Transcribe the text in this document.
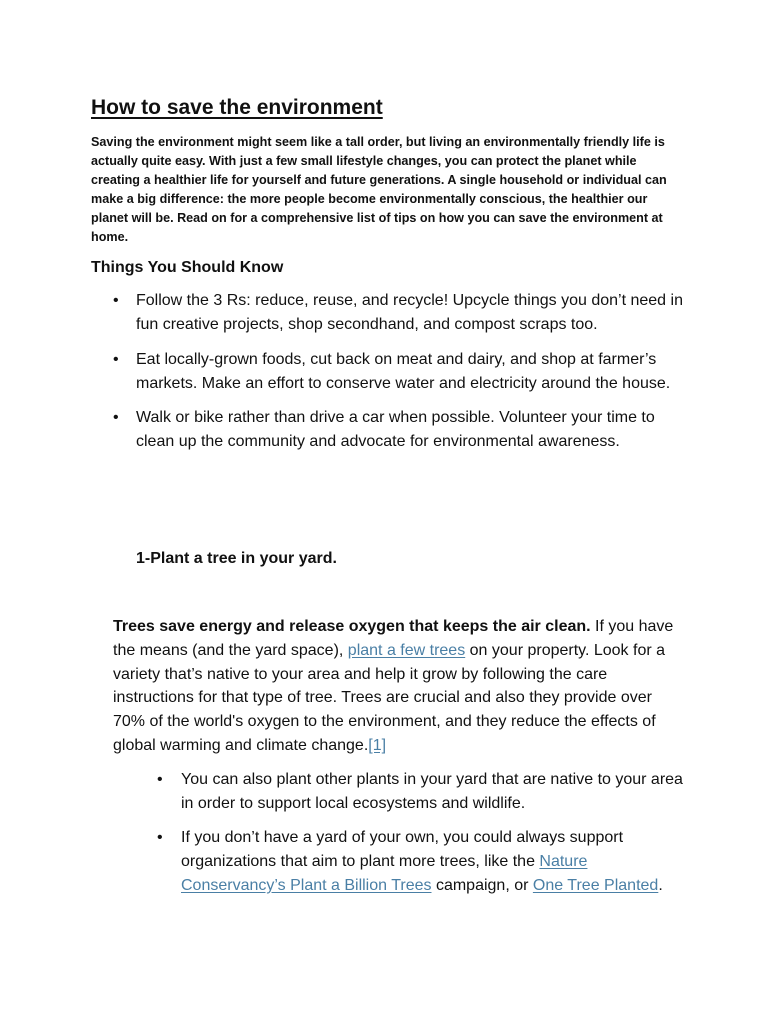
How to save the environment

Saving the environment might seem like a tall order, but living an environmentally friendly life is actually quite easy. With just a few small lifestyle changes, you can protect the planet while creating a healthier life for yourself and future generations. A single household or individual can make a big difference: the more people become environmentally conscious, the healthier our planet will be. Read on for a comprehensive list of tips on how you can save the environment at home.

Things You Should Know
• Follow the 3 Rs: reduce, reuse, and recycle! Upcycle things you don’t need in fun creative projects, shop secondhand, and compost scraps too.
• Eat locally-grown foods, cut back on meat and dairy, and shop at farmer’s markets. Make an effort to conserve water and electricity around the house.
• Walk or bike rather than drive a car when possible. Volunteer your time to clean up the community and advocate for environmental awareness.
1-Plant a tree in your yard.

Trees save energy and release oxygen that keeps the air clean. If you have the means (and the yard space), plant a few trees on your property. Look for a variety that’s native to your area and help it grow by following the care instructions for that type of tree. Trees are crucial and also they provide over 70% of the world's oxygen to the environment, and they reduce the effects of global warming and climate change.[1]

• You can also plant other plants in your yard that are native to your area in order to support local ecosystems and wildlife.
• If you don’t have a yard of your own, you could always support organizations that aim to plant more trees, like the Nature Conservancy’s Plant a Billion Trees campaign, or One Tree Planted.
